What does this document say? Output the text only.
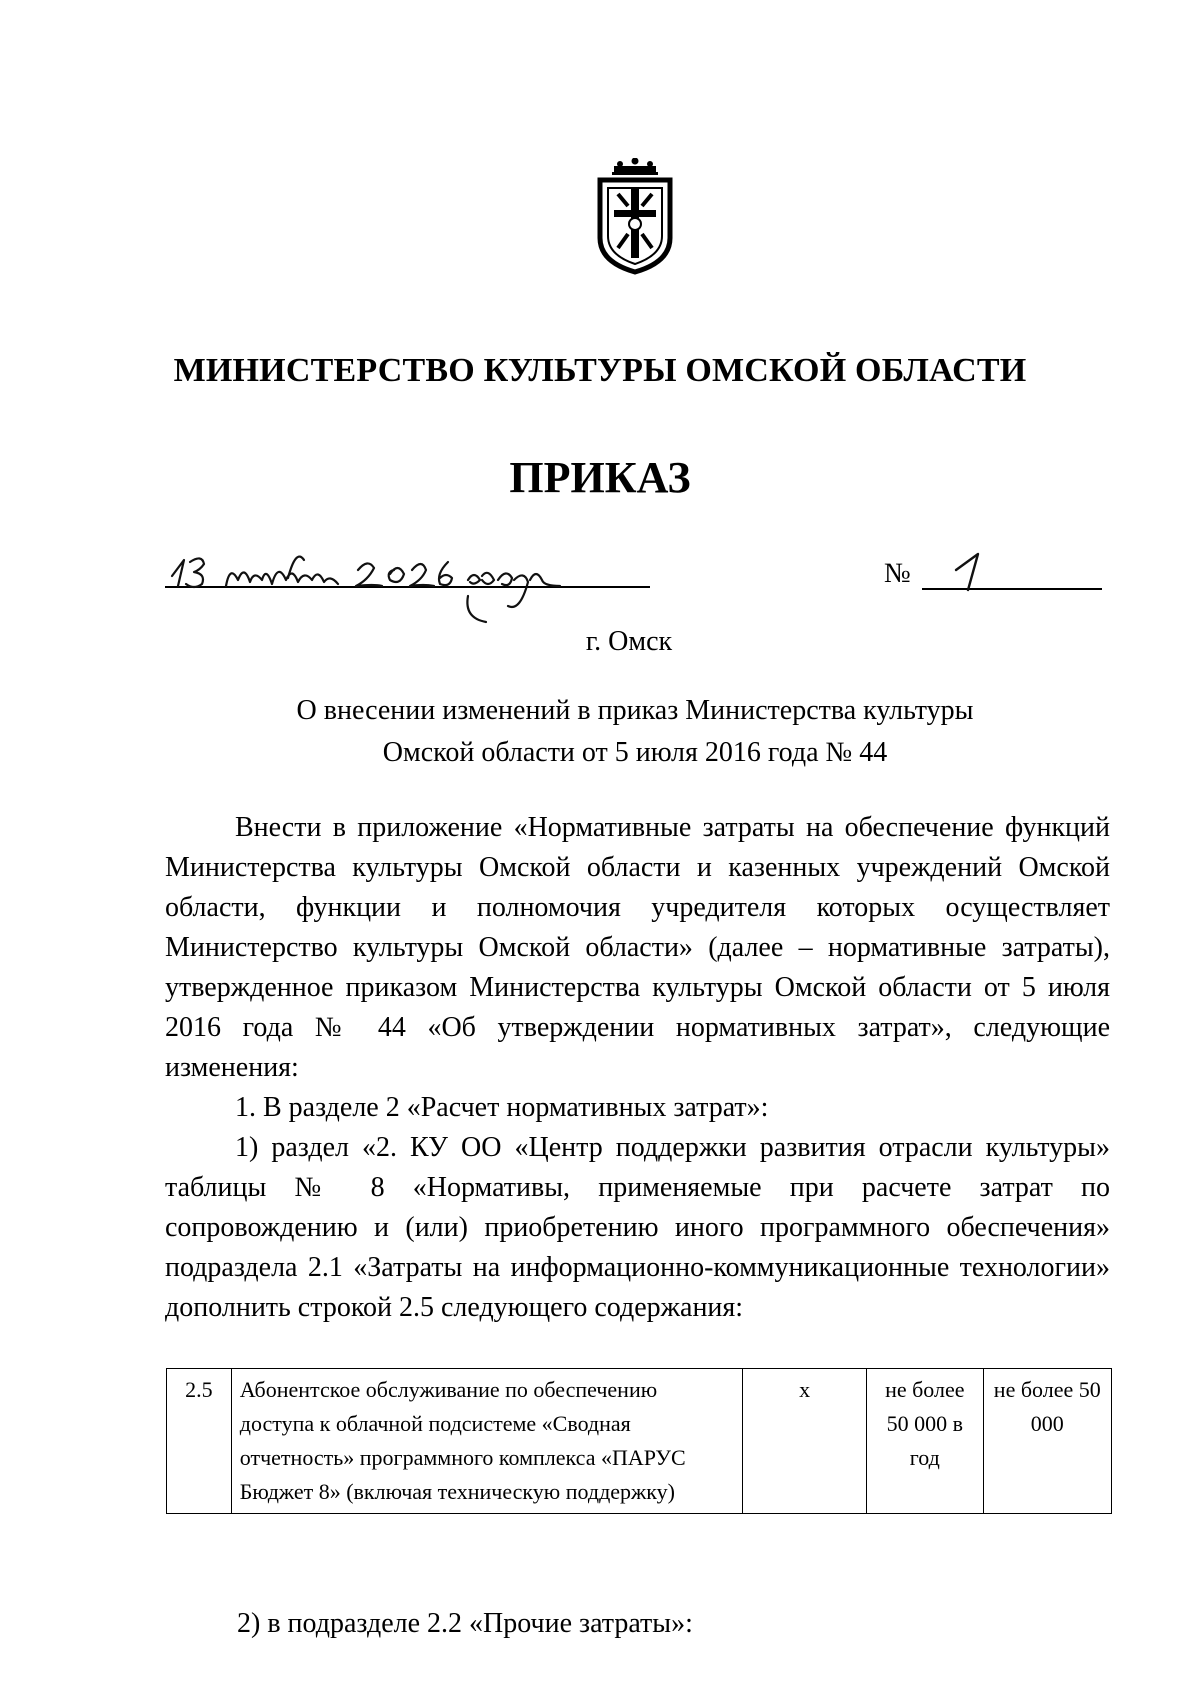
МИНИСТЕРСТВО КУЛЬТУРЫ ОМСКОЙ ОБЛАСТИ
ПРИКАЗ
№
г. Омск
О внесении изменений в приказ Министерства культуры
Омской области от 5 июля 2016 года № 44
Внести в приложение «Нормативные затраты на обеспечение функций Министерства культуры Омской области и казенных учреждений Омской области, функции и полномочия учредителя которых осуществляет Министерство культуры Омской области» (далее – нормативные затраты), утвержденное приказом Министерства культуры Омской области от 5 июля 2016 года № 44 «Об утверждении нормативных затрат», следующие изменения:
1. В разделе 2 «Расчет нормативных затрат»:
1) раздел «2. КУ ОО «Центр поддержки развития отрасли культуры» таблицы № 8 «Нормативы, применяемые при расчете затрат по сопровождению и (или) приобретению иного программного обеспечения» подраздела 2.1 «Затраты на информационно-коммуникационные технологии» дополнить строкой 2.5 следующего содержания:
2.5	Абонентское обслуживание по обеспечению доступа к облачной подсистеме «Сводная отчетность» программного комплекса «ПАРУС Бюджет 8» (включая техническую поддержку)	х	не более 50 000 в год	не более 50 000
2) в подразделе 2.2 «Прочие затраты»:
